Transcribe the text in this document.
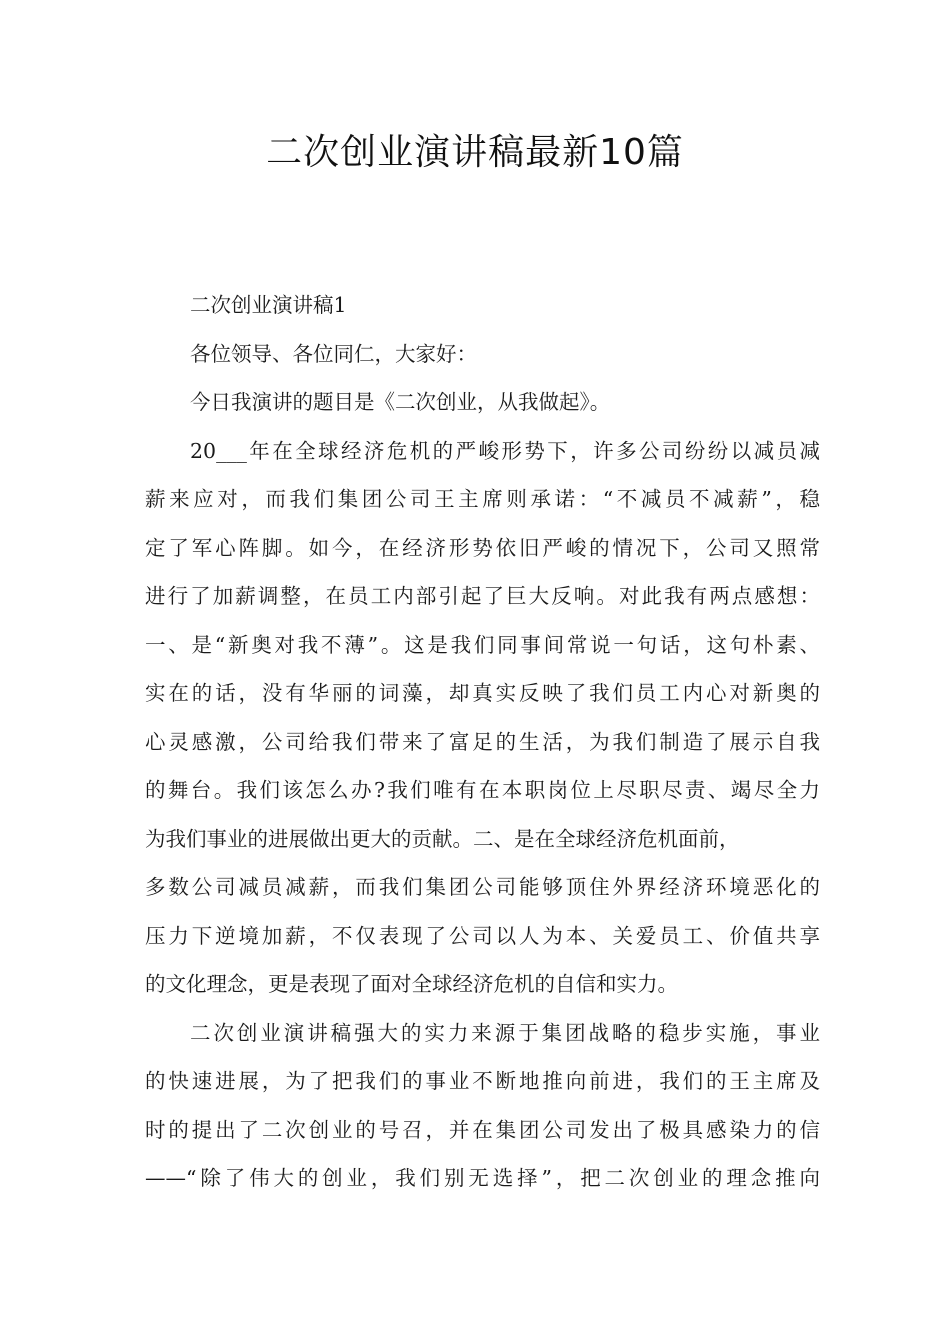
二次创业演讲稿最新10篇
二次创业演讲稿1
各位领导、各位同仁，大家好：
今日我演讲的题目是《二次创业，从我做起》。
20___年在全球经济危机的严峻形势下，许多公司纷纷以减员减
薪来应对，而我们集团公司王主席则承诺：“不减员不减薪”，稳
定了军心阵脚。如今，在经济形势依旧严峻的情况下，公司又照常
进行了加薪调整，在员工内部引起了巨大反响。对此我有两点感想：
一、是“新奥对我不薄”。这是我们同事间常说一句话，这句朴素、
实在的话，没有华丽的词藻，却真实反映了我们员工内心对新奥的
心灵感激，公司给我们带来了富足的生活，为我们制造了展示自我
的舞台。我们该怎么办?我们唯有在本职岗位上尽职尽责、竭尽全力
为我们事业的进展做出更大的贡献。二、是在全球经济危机面前，
多数公司减员减薪，而我们集团公司能够顶住外界经济环境恶化的
压力下逆境加薪，不仅表现了公司以人为本、关爱员工、价值共享
的文化理念，更是表现了面对全球经济危机的自信和实力。
二次创业演讲稿强大的实力来源于集团战略的稳步实施，事业
的快速进展，为了把我们的事业不断地推向前进，我们的王主席及
时的提出了二次创业的号召，并在集团公司发出了极具感染力的信
——“除了伟大的创业，我们别无选择”，把二次创业的理念推向
